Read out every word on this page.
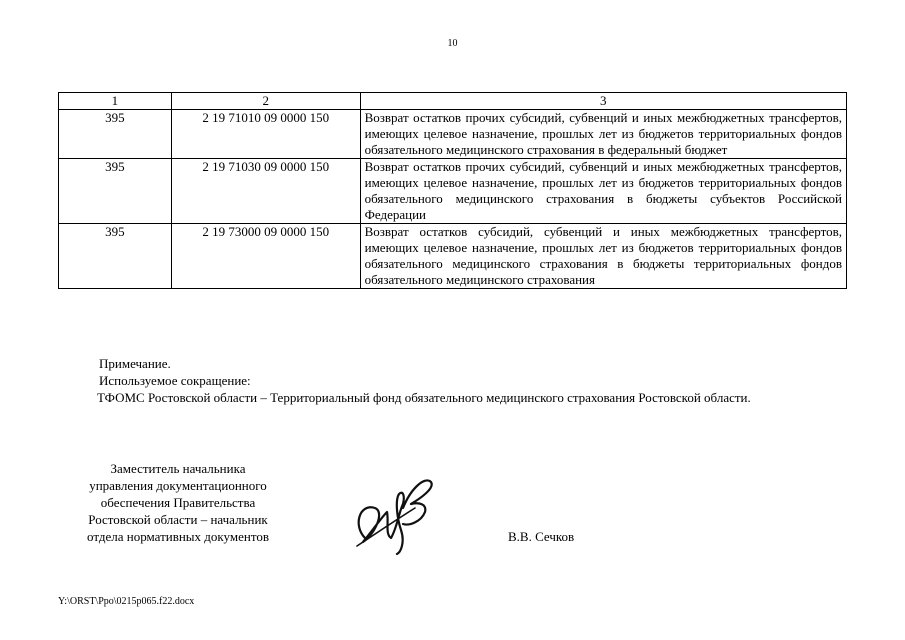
10
1	2	3
395	2 19 71010 09 0000 150	Возврат остатков прочих субсидий, субвенций и иных межбюджетных трансфертов, имеющих целевое назначение, прошлых лет из бюджетов территориальных фондов обязательного медицинского страхования в федеральный бюджет
395	2 19 71030 09 0000 150	Возврат остатков прочих субсидий, субвенций и иных межбюджетных трансфертов, имеющих целевое назначение, прошлых лет из бюджетов территориальных фондов обязательного медицинского страхования в бюджеты субъектов Российской Федерации
395	2 19 73000 09 0000 150	Возврат остатков субсидий, субвенций и иных межбюджетных трансфертов, имеющих целевое назначение, прошлых лет из бюджетов территориальных фондов обязательного медицинского страхования в бюджеты территориальных фондов обязательного медицинского страхования
Примечание.
Используемое сокращение:
ТФОМС Ростовской области – Территориальный фонд обязательного медицинского страхования Ростовской области.
Заместитель начальника
управления документационного
обеспечения Правительства
Ростовской области – начальник
отдела нормативных документов	В.В. Сечков
Y:\ORST\Ppo\0215p065.f22.docx
